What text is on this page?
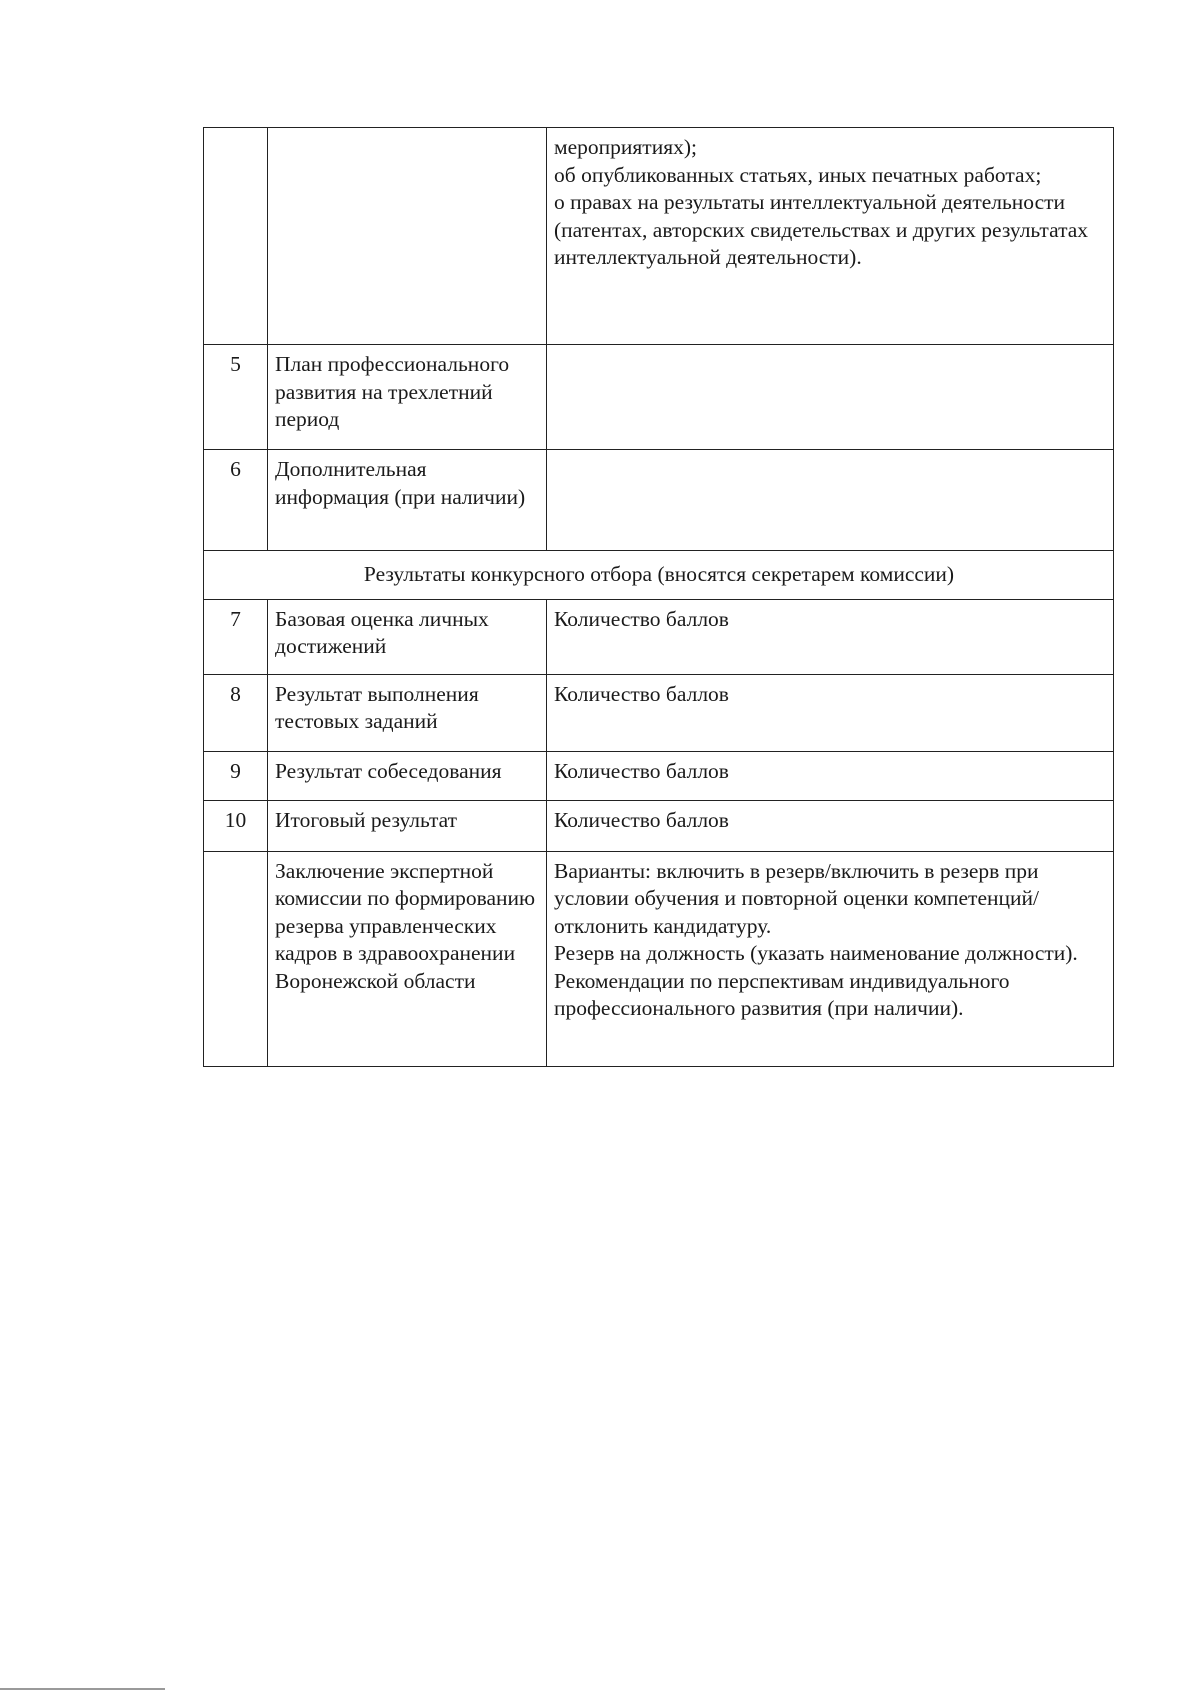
		мероприятиях);
об опубликованных статьях, иных печатных работах;
о правах на результаты интеллектуальной деятельности (патентах, авторских свидетельствах и других результатах интеллектуальной деятельности).
5	План профессионального развития на трехлетний период	
6	Дополнительная информация (при наличии)	
Результаты конкурсного отбора (вносятся секретарем комиссии)		
7	Базовая оценка личных достижений	Количество баллов
8	Результат выполнения тестовых заданий	Количество баллов
9	Результат собеседования	Количество баллов
10	Итоговый результат	Количество баллов
	Заключение экспертной комиссии по формированию резерва управленческих кадров в здравоохранении Воронежской области	Варианты: включить в резерв/включить в резерв при условии обучения и повторной оценки компетенций/отклонить кандидатуру.
Резерв на должность (указать наименование должности).
Рекомендации по перспективам индивидуального профессионального развития (при наличии).
